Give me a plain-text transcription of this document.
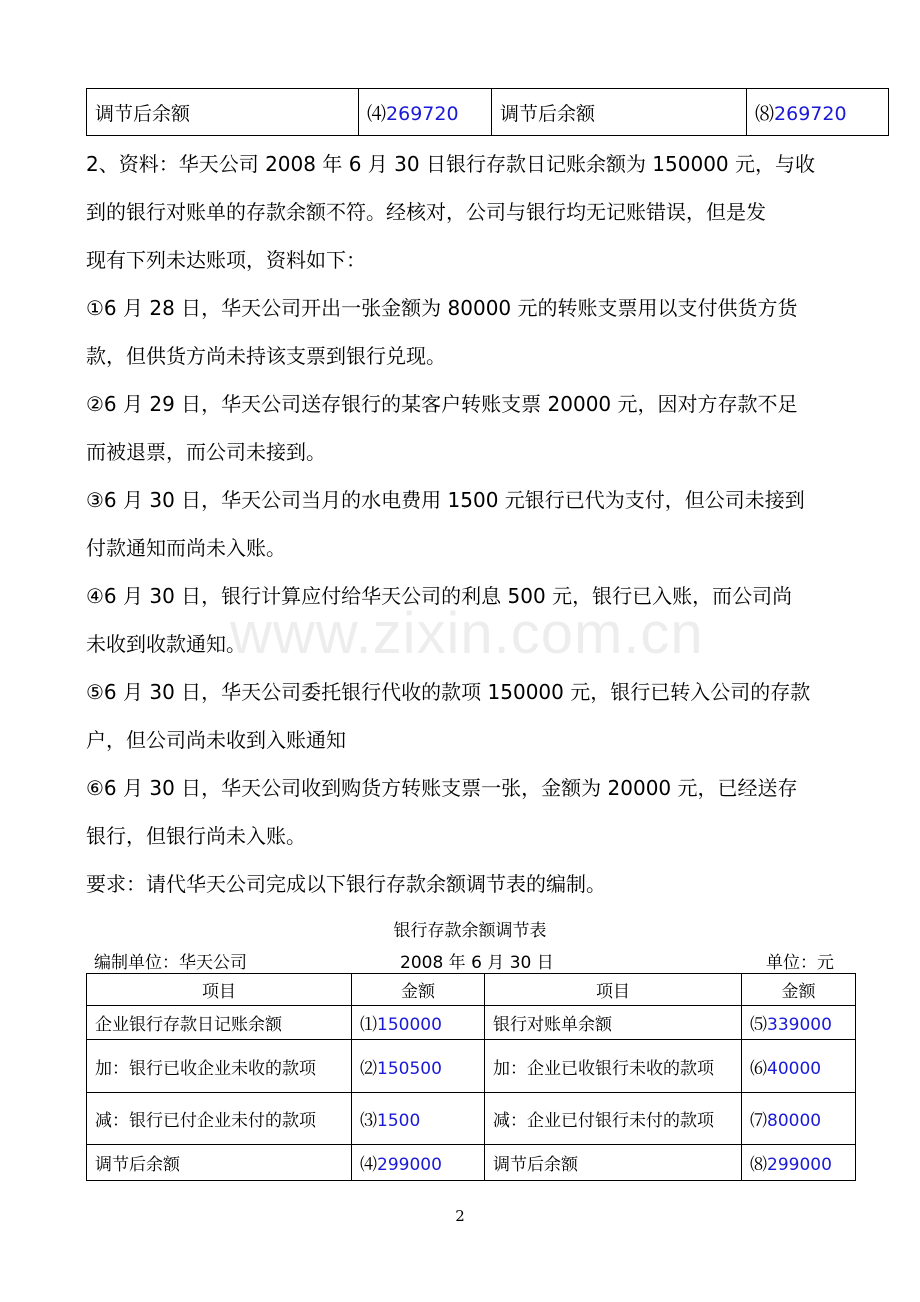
调节后余额	⑷269720	调节后余额	⑻269720
2、资料：华天公司 2008 年 6 月 30 日银行存款日记账余额为 150000 元，与收
到的银行对账单的存款余额不符。经核对，公司与银行均无记账错误，但是发
现有下列未达账项，资料如下：
①6 月 28 日，华天公司开出一张金额为 80000 元的转账支票用以支付供货方货
款，但供货方尚未持该支票到银行兑现。
②6 月 29 日，华天公司送存银行的某客户转账支票 20000 元，因对方存款不足
而被退票，而公司未接到。
③6 月 30 日，华天公司当月的水电费用 1500 元银行已代为支付，但公司未接到
付款通知而尚未入账。
④6 月 30 日，银行计算应付给华天公司的利息 500 元，银行已入账，而公司尚
未收到收款通知。
⑤6 月 30 日，华天公司委托银行代收的款项 150000 元，银行已转入公司的存款
户，但公司尚未收到入账通知
⑥6 月 30 日，华天公司收到购货方转账支票一张，金额为 20000 元，已经送存
银行，但银行尚未入账。
要求：请代华天公司完成以下银行存款余额调节表的编制。
银行存款余额调节表
编制单位：华天公司	2008 年 6 月 30 日	单位：元
项目	金额	项目	金额
企业银行存款日记账余额	⑴150000	银行对账单余额	⑸339000
加：银行已收企业未收的款项	⑵150500	加：企业已收银行未收的款项	⑹40000
减：银行已付企业未付的款项	⑶1500	减：企业已付银行未付的款项	⑺80000
调节后余额	⑷299000	调节后余额	⑻299000
www.zixin.com.cn
2
